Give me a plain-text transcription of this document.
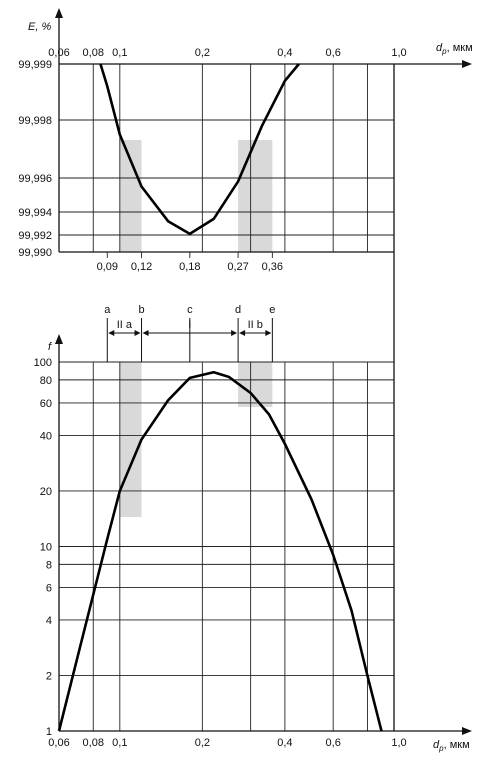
0,06 0,08 0,1	0,2	0,4	0,6	1,0
99,990
99,992
99,994
99,996
99,998
99,999
0,09 0,12 0,18 0,27 0,36
E, %
$d_p$, мкм
0,06 0,08 0,1	0,2	0,4	0,6	1,0
1
2
4
6
8
10
20
40
60
80
100
a	b	c	d	e
II a	I	II b
f
$d_p$, мкм
